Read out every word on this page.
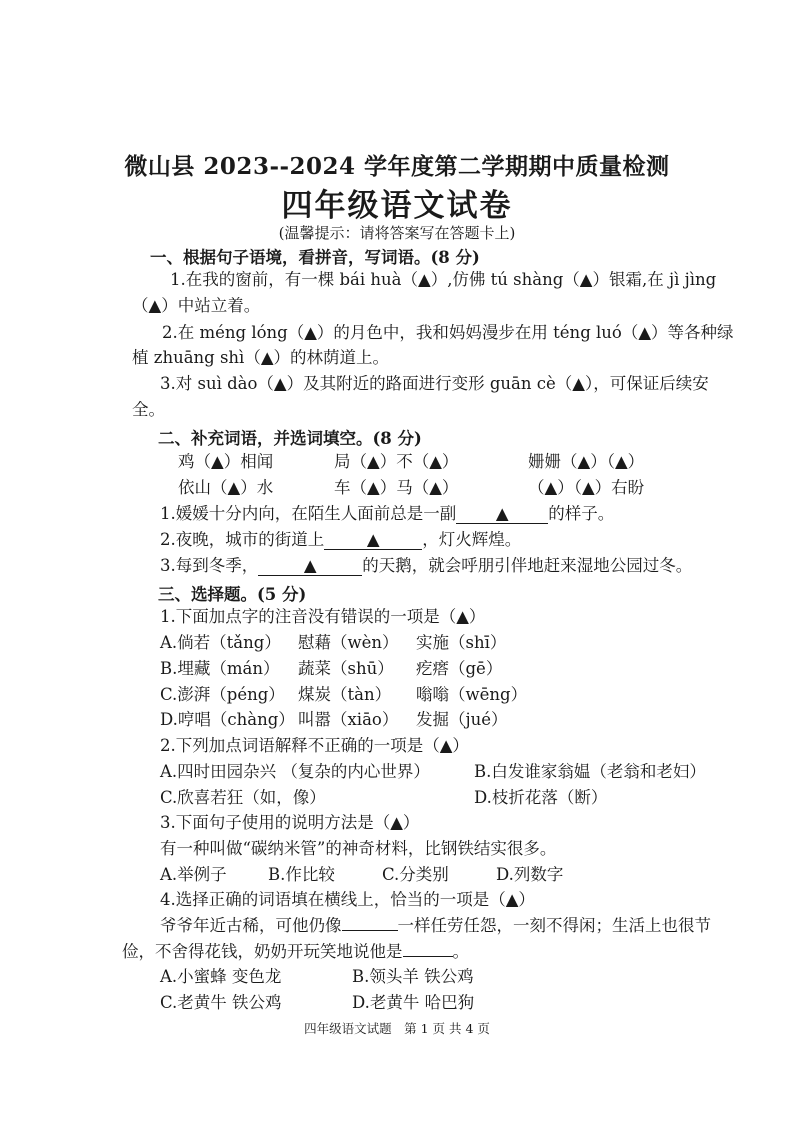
微山县 2023--2024 学年度第二学期期中质量检测
四年级语文试卷
(温馨提示：请将答案写在答题卡上)
一、根据句子语境，看拼音，写词语。(8 分)
1.在我的窗前，有一棵 bái huà（▲）,仿佛 tú shàng（▲）银霜,在 jì jìng
（▲）中站立着。
2.在 méng lóng（▲）的月色中，我和妈妈漫步在用 téng luó（▲）等各种绿
植 zhuāng shì（▲）的林荫道上。
3.对 suì dào（▲）及其附近的路面进行变形 guān cè（▲），可保证后续安
全。
二、补充词语，并选词填空。(8 分)
鸡（▲）相闻	局（▲）不（▲）	姗姗（▲）（▲）
依山（▲）水	车（▲）马（▲）	（▲）（▲）右盼
1.媛媛十分内向，在陌生人面前总是一副 ▲ 的样子。
2.夜晚，城市的街道上	▲	，灯火辉煌。
3.每到冬季，	▲	的天鹅，就会呼朋引伴地赶来湿地公园过冬。
三、选择题。(5 分)
1.下面加点字的注音没有错误的一项是（▲）
A.倘若（tǎng） 慰藉（wèn） 实施（shī）
B.埋藏（mán） 蔬菜（shū） 疙瘩（gē）
C.澎湃（péng） 煤炭（tàn） 嗡嗡（wēng）
D.哼唱（chàng） 叫嚣（xiāo） 发掘（jué）
2.下列加点词语解释不正确的一项是（▲）
A.四时田园杂兴 （复杂的内心世界）	B.白发谁家翁媪（老翁和老妇）
C.欣喜若狂（如，像）	D.枝折花落（断）
3.下面句子使用的说明方法是（▲）
有一种叫做“碳纳米管”的神奇材料，比钢铁结实很多。
A.举例子	B.作比较	C.分类别	D.列数字
4.选择正确的词语填在横线上，恰当的一项是（▲）
爷爷年近古稀，可他仍像	一样任劳任怨，一刻不得闲；生活上也很节
俭，不舍得花钱，奶奶开玩笑地说他是	。
A.小蜜蜂 变色龙	B.领头羊 铁公鸡
C.老黄牛 铁公鸡	D.老黄牛 哈巴狗
四年级语文试题　第 1 页 共 4 页
